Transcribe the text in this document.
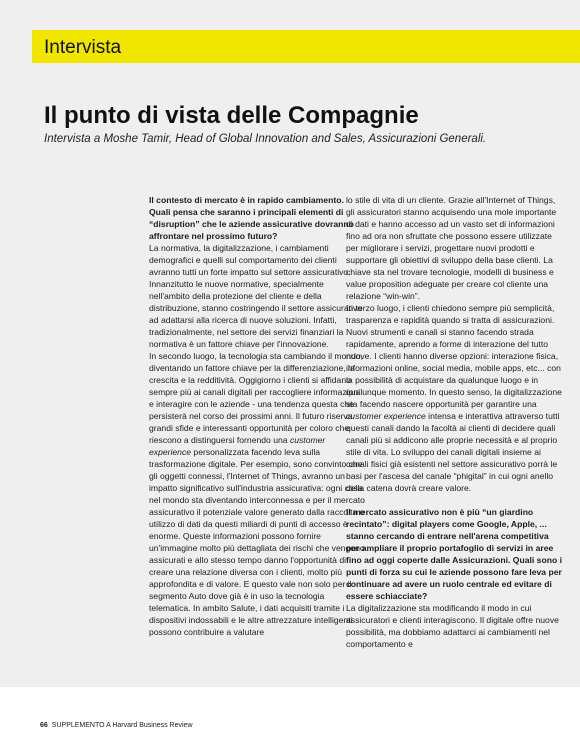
Intervista
Il punto di vista delle Compagnie

Intervista a Moshe Tamir, Head of Global Innovation and Sales, Assicurazioni Generali.

Il contesto di mercato è in rapido cambiamento. Quali pensa che saranno i principali elementi di “disruption” che le aziende assicurative dovranno affrontare nel prossimo futuro?

La normativa, la digitalizzazione, i cambiamenti demografici e quelli sul comportamento dei clienti avranno tutti un forte impatto sul settore assicurativo. Innanzitutto le nuove normative, specialmente nell'ambito della protezione del cliente e della distribuzione, stanno costringendo il settore assicurativo ad adattarsi alla ricerca di nuove soluzioni. Infatti, tradizionalmente, nel settore dei servizi finanziari la normativa è un fattore chiave per l'innovazione.

In secondo luogo, la tecnologia sta cambiando il mondo, diventando un fattore chiave per la differenziazione, la crescita e la redditività. Oggigiorno i clienti si affidano sempre più ai canali digitali per raccogliere informazioni e interagire con le aziende - una tendenza questa che persisterà nel corso dei prossimi anni. Il futuro riserva grandi sfide e interessanti opportunità per coloro che riescono a distinguersi fornendo una customer experience personalizzata facendo leva sulla trasformazione digitale. Per esempio, sono convinto che gli oggetti connessi, l'Internet of Things, avranno un impatto significativo sull'industria assicurativa: ogni cosa nel mondo sta diventando interconnessa e per il mercato assicurativo il potenziale valore generato dalla raccolta e utilizzo di dati da questi miliardi di punti di accesso è enorme. Queste informazioni possono fornire un'immagine molto più dettagliata dei rischi che vengono assicurati e allo stesso tempo danno l'opportunità di creare una relazione diversa con i clienti, molto più approfondita e di valore. E questo vale non solo per il segmento Auto dove già è in uso la tecnologia telematica. In ambito Salute, i dati acquisiti tramite i dispositivi indossabili e le altre attrezzature intelligenti possono contribuire a valutare

lo stile di vita di un cliente. Grazie all'Internet of Things, gli assicuratori stanno acquisendo una mole importante di dati e hanno accesso ad un vasto set di informazioni fino ad ora non sfruttate che possono essere utilizzate per migliorare i servizi, progettare nuovi prodotti e supportare gli obiettivi di sviluppo della base clienti. La chiave sta nel trovare tecnologie, modelli di business e value proposition adeguate per creare col cliente una relazione “win-win”.

In terzo luogo, i clienti chiedono sempre più semplicità, trasparenza e rapidità quando si tratta di assicurazioni. Nuovi strumenti e canali si stanno facendo strada rapidamente, aprendo a forme di interazione del tutto nuove. I clienti hanno diverse opzioni: interazione fisica, informazioni online, social media, mobile apps, etc... con la possibilità di acquistare da qualunque luogo e in qualunque momento. In questo senso, la digitalizzazione sta facendo nascere opportunità per garantire una customer experience intensa e interattiva attraverso tutti questi canali dando la facoltà ai clienti di decidere quali canali più si addicono alle proprie necessità e al proprio stile di vita. Lo sviluppo dei canali digitali insieme ai canali fisici già esistenti nel settore assicurativo porrà le basi per l'ascesa del canale “phigital” in cui ogni anello della catena dovrà creare valore.

Il mercato assicurativo non è più “un giardino recintato”: digital players come Google, Apple, ... stanno cercando di entrare nell'arena competitiva per ampliare il proprio portafoglio di servizi in aree fino ad oggi coperte dalle Assicurazioni. Quali sono i punti di forza su cui le aziende possono fare leva per continuare ad avere un ruolo centrale ed evitare di essere schiacciate?

La digitalizzazione sta modificando il modo in cui assicuratori e clienti interagiscono. Il digitale offre nuove possibilità, ma dobbiamo adattarci ai cambiamenti nel comportamento e

66 SUPPLEMENTO A Harvard Business Review
